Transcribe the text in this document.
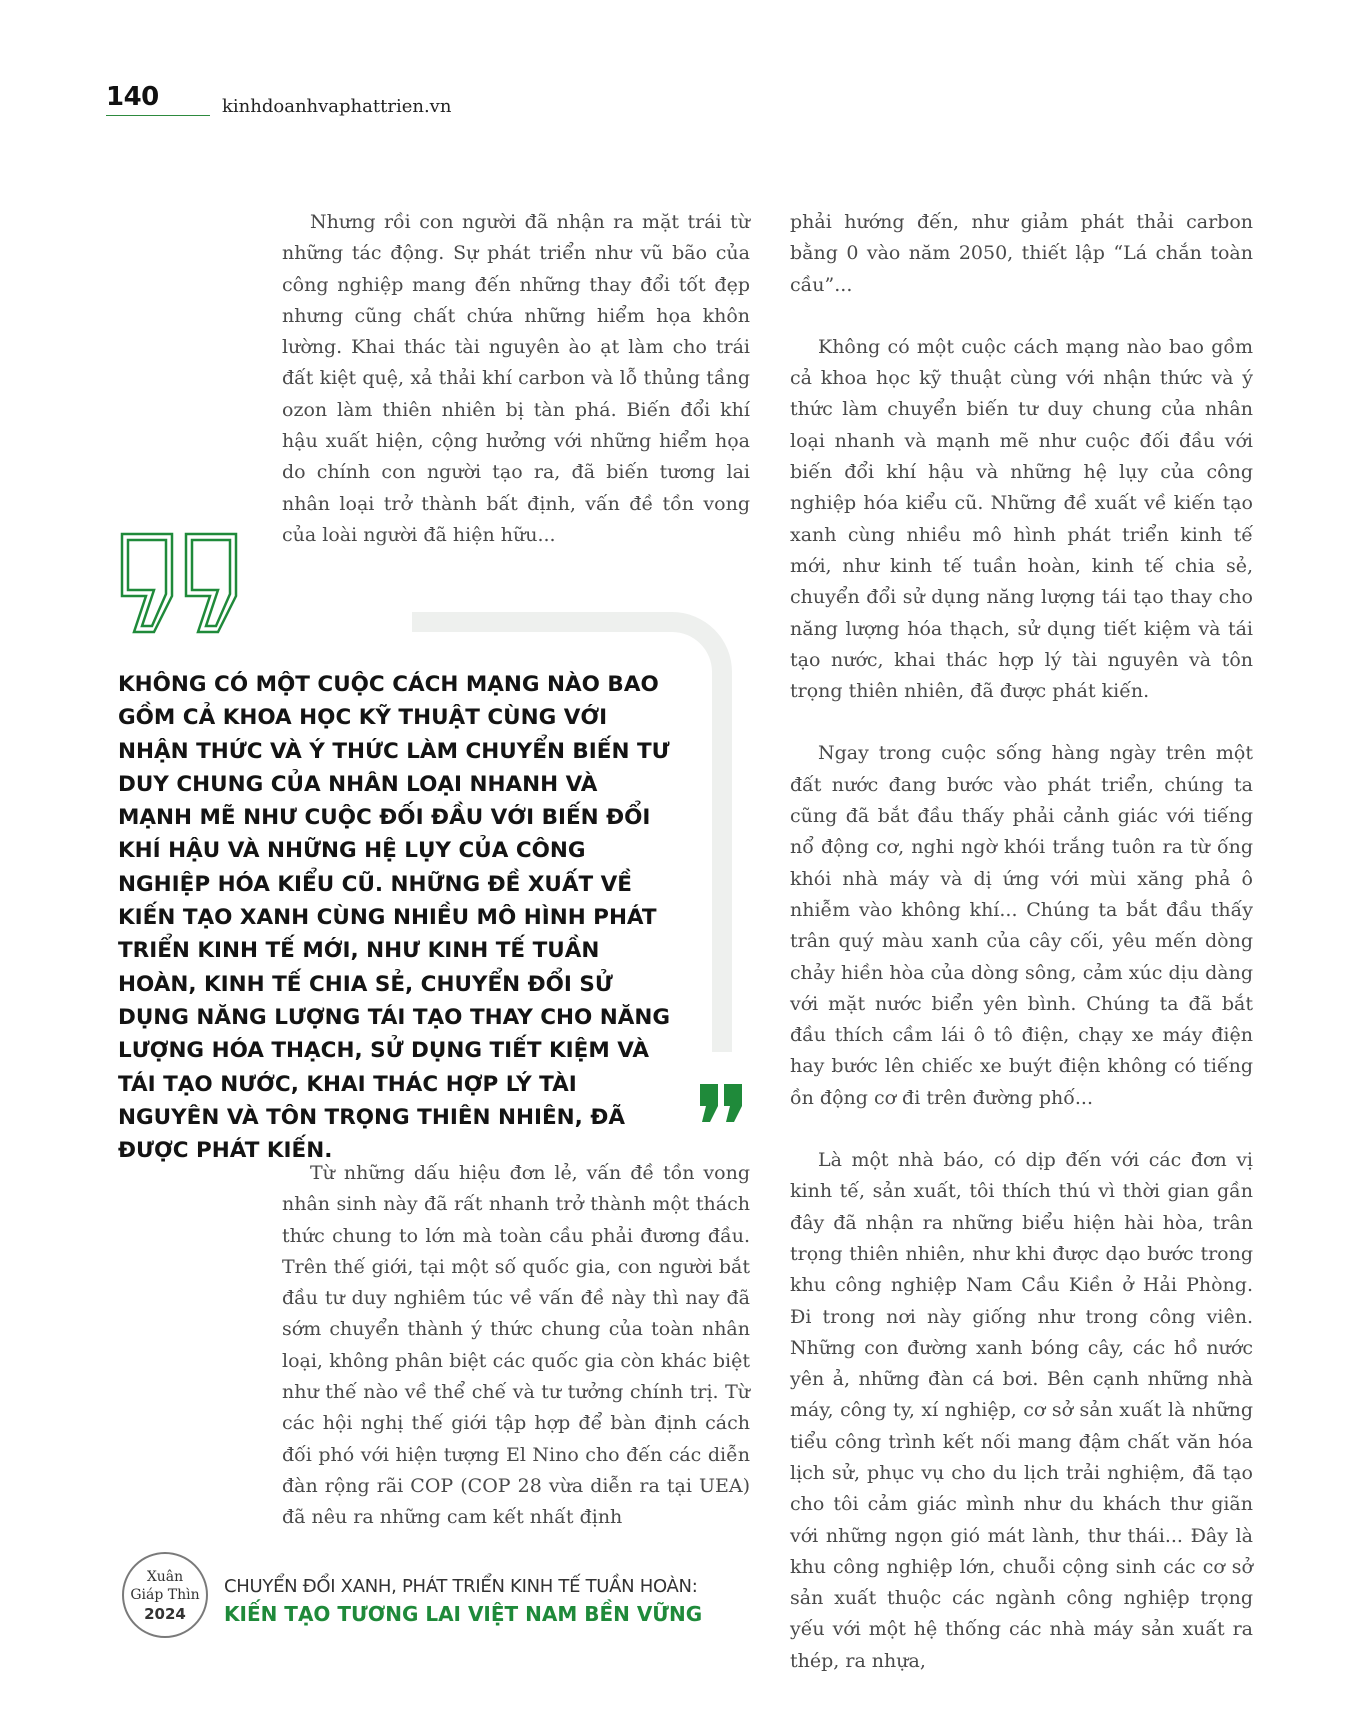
140	kinhdoanhvaphattrien.vn

Nhưng rồi con người đã nhận ra mặt trái từ những tác động. Sự phát triển như vũ bão của công nghiệp mang đến những thay đổi tốt đẹp nhưng cũng chất chứa những hiểm họa khôn lường. Khai thác tài nguyên ào ạt làm cho trái đất kiệt quệ, xả thải khí carbon và lỗ thủng tầng ozon làm thiên nhiên bị tàn phá. Biến đổi khí hậu xuất hiện, cộng hưởng với những hiểm họa do chính con người tạo ra, đã biến tương lai nhân loại trở thành bất định, vấn đề tồn vong của loài người đã hiện hữu...

KHÔNG CÓ MỘT CUỘC CÁCH MẠNG NÀO BAO GỒM CẢ KHOA HỌC KỸ THUẬT CÙNG VỚI NHẬN THỨC VÀ Ý THỨC LÀM CHUYỂN BIẾN TƯ DUY CHUNG CỦA NHÂN LOẠI NHANH VÀ MẠNH MẼ NHƯ CUỘC ĐỐI ĐẦU VỚI BIẾN ĐỔI KHÍ HẬU VÀ NHỮNG HỆ LỤY CỦA CÔNG NGHIỆP HÓA KIỂU CŨ. NHỮNG ĐỀ XUẤT VỀ KIẾN TẠO XANH CÙNG NHIỀU MÔ HÌNH PHÁT TRIỂN KINH TẾ MỚI, NHƯ KINH TẾ TUẦN HOÀN, KINH TẾ CHIA SẺ, CHUYỂN ĐỔI SỬ DỤNG NĂNG LƯỢNG TÁI TẠO THAY CHO NĂNG LƯỢNG HÓA THẠCH, SỬ DỤNG TIẾT KIỆM VÀ TÁI TẠO NƯỚC, KHAI THÁC HỢP LÝ TÀI NGUYÊN VÀ TÔN TRỌNG THIÊN NHIÊN, ĐÃ ĐƯỢC PHÁT KIẾN.

Từ những dấu hiệu đơn lẻ, vấn đề tồn vong nhân sinh này đã rất nhanh trở thành một thách thức chung to lớn mà toàn cầu phải đương đầu. Trên thế giới, tại một số quốc gia, con người bắt đầu tư duy nghiêm túc về vấn đề này thì nay đã sớm chuyển thành ý thức chung của toàn nhân loại, không phân biệt các quốc gia còn khác biệt như thế nào về thể chế và tư tưởng chính trị. Từ các hội nghị thế giới tập hợp để bàn định cách đối phó với hiện tượng El Nino cho đến các diễn đàn rộng rãi COP (COP 28 vừa diễn ra tại UEA) đã nêu ra những cam kết nhất định

phải hướng đến, như giảm phát thải carbon bằng 0 vào năm 2050, thiết lập “Lá chắn toàn cầu”...

Không có một cuộc cách mạng nào bao gồm cả khoa học kỹ thuật cùng với nhận thức và ý thức làm chuyển biến tư duy chung của nhân loại nhanh và mạnh mẽ như cuộc đối đầu với biến đổi khí hậu và những hệ lụy của công nghiệp hóa kiểu cũ. Những đề xuất về kiến tạo xanh cùng nhiều mô hình phát triển kinh tế mới, như kinh tế tuần hoàn, kinh tế chia sẻ, chuyển đổi sử dụng năng lượng tái tạo thay cho năng lượng hóa thạch, sử dụng tiết kiệm và tái tạo nước, khai thác hợp lý tài nguyên và tôn trọng thiên nhiên, đã được phát kiến.

Ngay trong cuộc sống hàng ngày trên một đất nước đang bước vào phát triển, chúng ta cũng đã bắt đầu thấy phải cảnh giác với tiếng nổ động cơ, nghi ngờ khói trắng tuôn ra từ ống khói nhà máy và dị ứng với mùi xăng phả ô nhiễm vào không khí... Chúng ta bắt đầu thấy trân quý màu xanh của cây cối, yêu mến dòng chảy hiền hòa của dòng sông, cảm xúc dịu dàng với mặt nước biển yên bình. Chúng ta đã bắt đầu thích cầm lái ô tô điện, chạy xe máy điện hay bước lên chiếc xe buýt điện không có tiếng ồn động cơ đi trên đường phố...

Là một nhà báo, có dịp đến với các đơn vị kinh tế, sản xuất, tôi thích thú vì thời gian gần đây đã nhận ra những biểu hiện hài hòa, trân trọng thiên nhiên, như khi được dạo bước trong khu công nghiệp Nam Cầu Kiền ở Hải Phòng. Đi trong nơi này giống như trong công viên. Những con đường xanh bóng cây, các hồ nước yên ả, những đàn cá bơi. Bên cạnh những nhà máy, công ty, xí nghiệp, cơ sở sản xuất là những tiểu công trình kết nối mang đậm chất văn hóa lịch sử, phục vụ cho du lịch trải nghiệm, đã tạo cho tôi cảm giác mình như du khách thư giãn với những ngọn gió mát lành, thư thái... Đây là khu công nghiệp lớn, chuỗi cộng sinh các cơ sở sản xuất thuộc các ngành công nghiệp trọng yếu với một hệ thống các nhà máy sản xuất ra thép, ra nhựa,

Xuân
Giáp Thìn
2024
CHUYỂN ĐỔI XANH, PHÁT TRIỂN KINH TẾ TUẦN HOÀN:
KIẾN TẠO TƯƠNG LAI VIỆT NAM BỀN VỮNG
